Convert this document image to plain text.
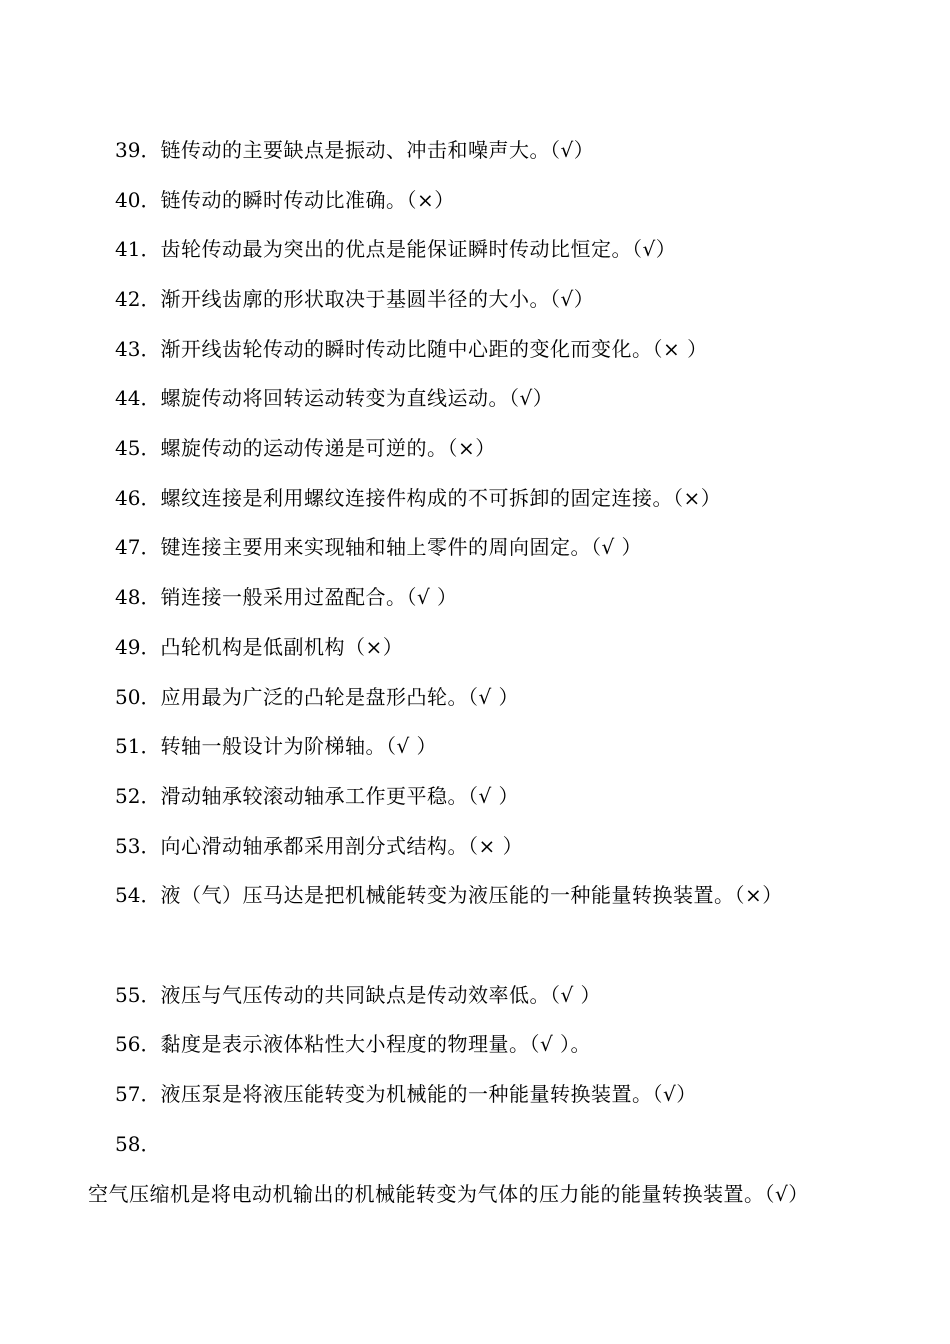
39．链传动的主要缺点是振动、冲击和噪声大。（√）
40．链传动的瞬时传动比准确。（×）
41．齿轮传动最为突出的优点是能保证瞬时传动比恒定。（√）
42．渐开线齿廓的形状取决于基圆半径的大小。（√）
43．渐开线齿轮传动的瞬时传动比随中心距的变化而变化。（× ）
44．螺旋传动将回转运动转变为直线运动。（√）
45．螺旋传动的运动传递是可逆的。（×）
46．螺纹连接是利用螺纹连接件构成的不可拆卸的固定连接。（×）
47．键连接主要用来实现轴和轴上零件的周向固定。（√ ）
48．销连接一般采用过盈配合。（√ ）
49．凸轮机构是低副机构（×）
50．应用最为广泛的凸轮是盘形凸轮。（√ ）
51．转轴一般设计为阶梯轴。（√ ）
52．滑动轴承较滚动轴承工作更平稳。（√ ）
53．向心滑动轴承都采用剖分式结构。（× ）
54．液（气）压马达是把机械能转变为液压能的一种能量转换装置。（×）
55．液压与气压传动的共同缺点是传动效率低。（√ ）
56．黏度是表示液体粘性大小程度的物理量。（√ ）。
57．液压泵是将液压能转变为机械能的一种能量转换装置。（√）
58．空气压缩机是将电动机输出的机械能转变为气体的压力能的能量转换装置。（√）
